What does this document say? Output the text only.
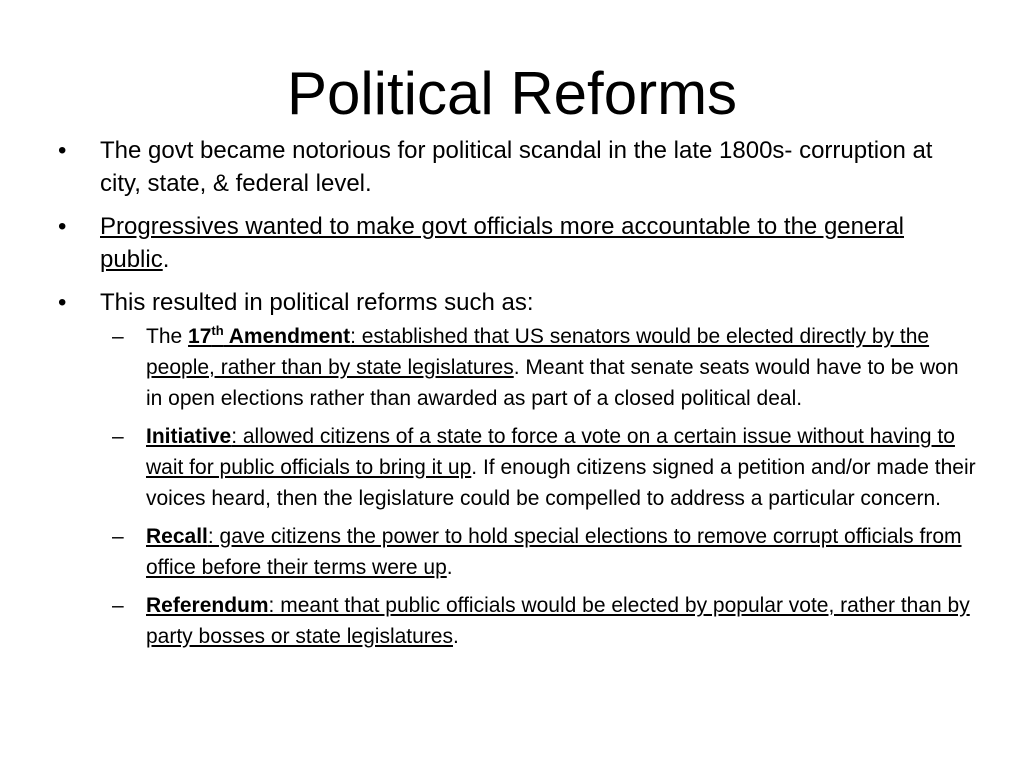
Political Reforms
• The govt became notorious for political scandal in the late 1800s- corruption at city, state, & federal level.
• Progressives wanted to make govt officials more accountable to the general public.
• This resulted in political reforms such as:
– The 17th Amendment: established that US senators would be elected directly by the people, rather than by state legislatures. Meant that senate seats would have to be won in open elections rather than awarded as part of a closed political deal.
– Initiative: allowed citizens of a state to force a vote on a certain issue without having to wait for public officials to bring it up. If enough citizens signed a petition and/or made their voices heard, then the legislature could be compelled to address a particular concern.
– Recall: gave citizens the power to hold special elections to remove corrupt officials from office before their terms were up.
– Referendum: meant that public officials would be elected by popular vote, rather than by party bosses or state legislatures.
